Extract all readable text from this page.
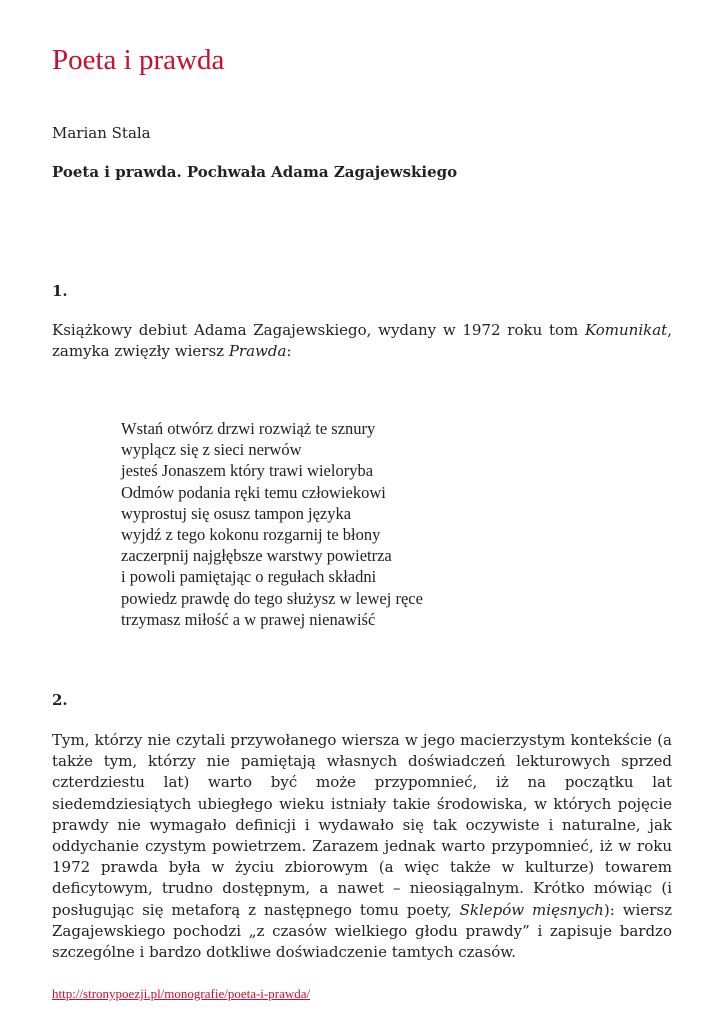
Poeta i prawda

Marian Stala

Poeta i prawda. Pochwała Adama Zagajewskiego

1.

Książkowy debiut Adama Zagajewskiego, wydany w 1972 roku tom Komunikat, zamyka zwięzły wiersz Prawda:

Wstań otwórz drzwi rozwiąż te sznury
wyplącz się z sieci nerwów
jesteś Jonaszem który trawi wieloryba
Odmów podania ręki temu człowiekowi
wyprostuj się osusz tampon języka
wyjdź z tego kokonu rozgarnij te błony
zaczerpnij najgłębsze warstwy powietrza
i powoli pamiętając o regułach składni
powiedz prawdę do tego służysz w lewej ręce
trzymasz miłość a w prawej nienawiść

2.

Tym, którzy nie czytali przywołanego wiersza w jego macierzystym kontekście (a także tym, którzy nie pamiętają własnych doświadczeń lekturowych sprzed czterdziestu lat) warto być może przypomnieć, iż na początku lat siedemdziesiątych ubiegłego wieku istniały takie środowiska, w których pojęcie prawdy nie wymagało definicji i wydawało się tak oczywiste i naturalne, jak oddychanie czystym powietrzem. Zarazem jednak warto przypomnieć, iż w roku 1972 prawda była w życiu zbiorowym (a więc także w kulturze) towarem deficytowym, trudno dostępnym, a nawet – nieosiągalnym. Krótko mówiąc (i posługując się metaforą z następnego tomu poety, Sklepów mięsnych): wiersz Zagajewskiego pochodzi „z czasów wielkiego głodu prawdy” i zapisuje bardzo szczególne i bardzo dotkliwe doświadczenie tamtych czasów.

http://stronypoezji.pl/monografie/poeta-i-prawda/
